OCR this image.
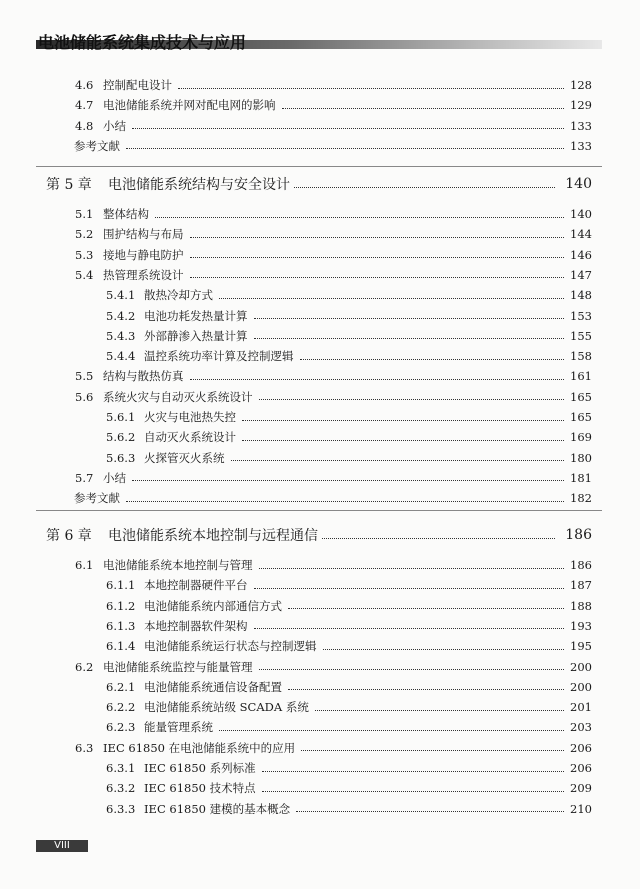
电池储能系统集成技术与应用
4.6 控制配电设计	128
4.7 电池储能系统并网对配电网的影响	129
4.8 小结	133
参考文献	133
第 5 章	电池储能系统结构与安全设计	140
5.1 整体结构	140
5.2 围护结构与布局	144
5.3 接地与静电防护	146
5.4 热管理系统设计	147
5.4.1 散热冷却方式	148
5.4.2 电池功耗发热量计算	153
5.4.3 外部静渗入热量计算	155
5.4.4 温控系统功率计算及控制逻辑	158
5.5 结构与散热仿真	161
5.6 系统火灾与自动灭火系统设计	165
5.6.1 火灾与电池热失控	165
5.6.2 自动灭火系统设计	169
5.6.3 火探管灭火系统	180
5.7 小结	181
参考文献	182
第 6 章	电池储能系统本地控制与远程通信	186
6.1 电池储能系统本地控制与管理	186
6.1.1 本地控制器硬件平台	187
6.1.2 电池储能系统内部通信方式	188
6.1.3 本地控制器软件架构	193
6.1.4 电池储能系统运行状态与控制逻辑	195
6.2 电池储能系统监控与能量管理	200
6.2.1 电池储能系统通信设备配置	200
6.2.2 电池储能系统站级 SCADA 系统	201
6.2.3 能量管理系统	203
6.3 IEC 61850 在电池储能系统中的应用	206
6.3.1 IEC 61850 系列标准	206
6.3.2 IEC 61850 技术特点	209
6.3.3 IEC 61850 建模的基本概念	210
VIII
